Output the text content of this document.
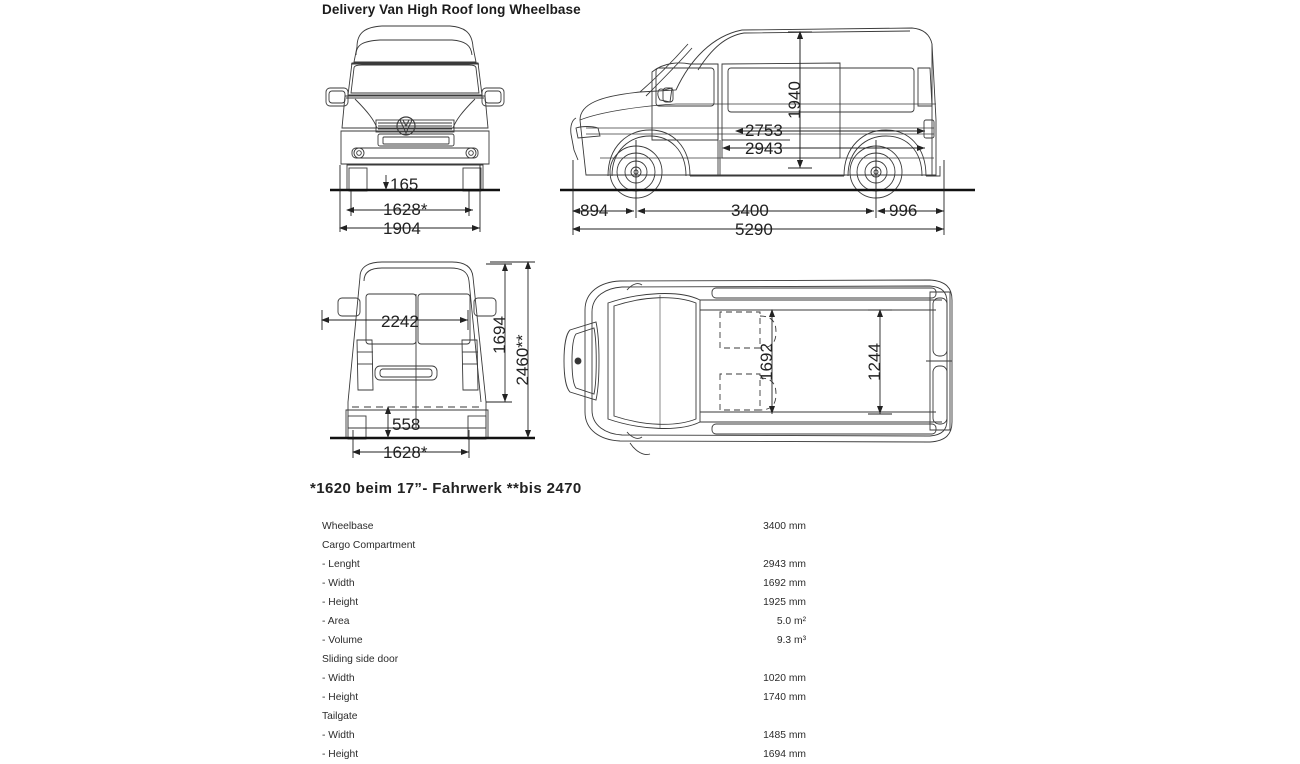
165
1628*
1904
1940
2753
2943
894	3400	996
5290
2242	1694 2460**
558
1628*
1692	1244
Delivery Van High Roof long Wheelbase
*1620 beim 17”- Fahrwerk **bis 2470
Wheelbase	3400 mm
Cargo Compartment
- Lenght	2943 mm
- Width	1692 mm
- Height	1925 mm
- Area	5.0 m²
- Volume	9.3 m³
Sliding side door
- Width	1020 mm
- Height	1740 mm
Tailgate
- Width	1485 mm
- Height	1694 mm
